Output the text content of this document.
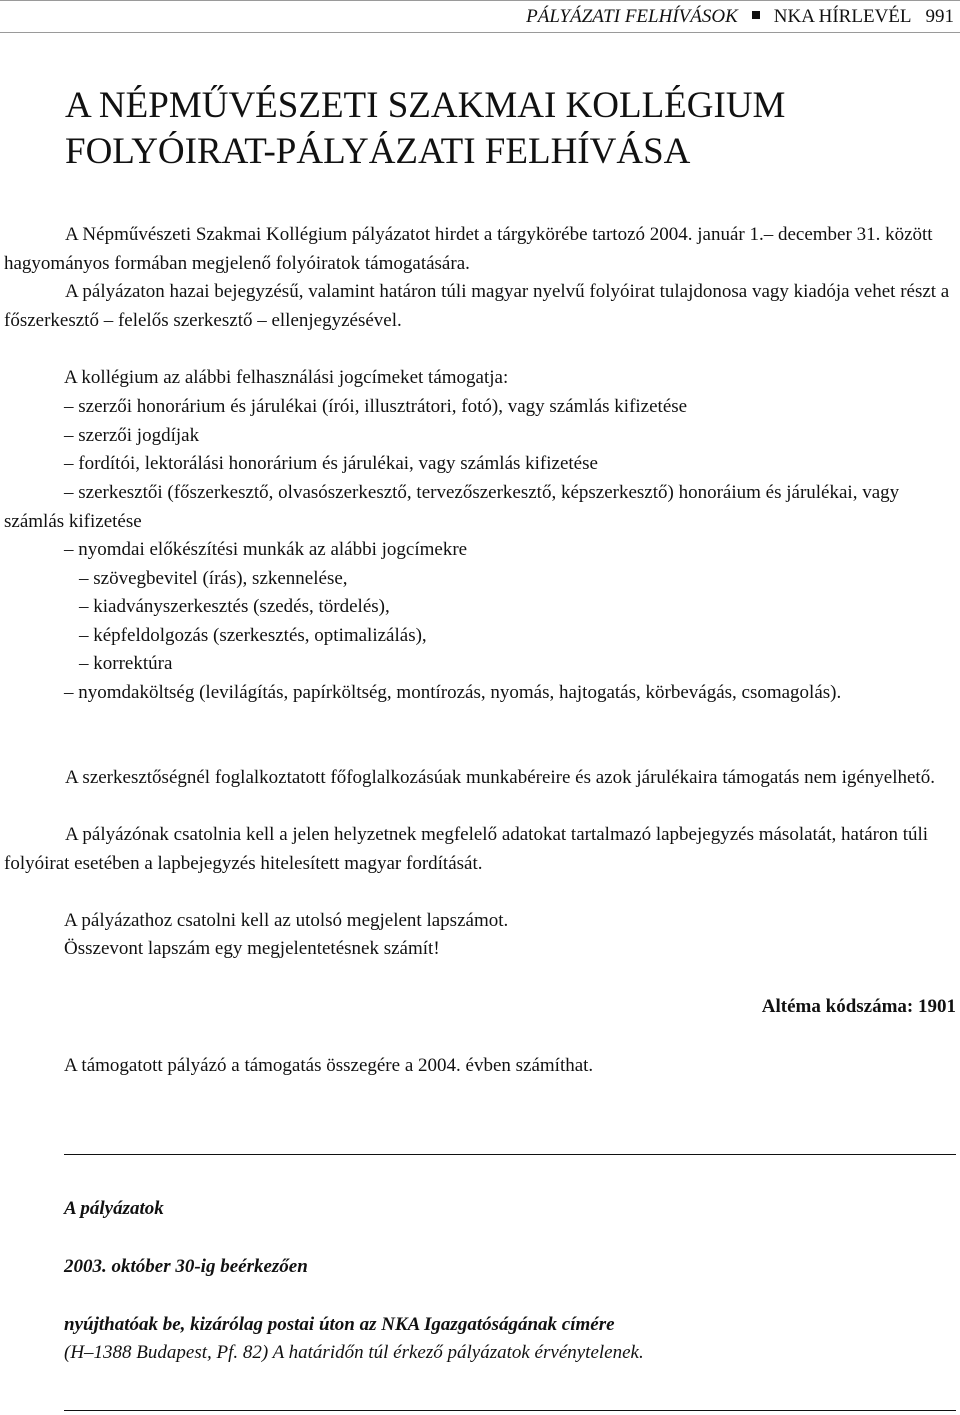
PÁLYÁZATI FELHÍVÁSOK NKA HÍRLEVÉL 991
A NÉPMŰVÉSZETI SZAKMAI KOLLÉGIUM
FOLYÓIRAT-PÁLYÁZATI FELHÍVÁSA

A Népművészeti Szakmai Kollégium pályázatot hirdet a tárgykörébe tartozó 2004. január 1.– december 31. között hagyományos formában megjelenő folyóiratok támogatására.

A pályázaton hazai bejegyzésű, valamint határon túli magyar nyelvű folyóirat tulajdonosa vagy kiadója vehet részt a főszerkesztő – felelős szerkesztő – ellenjegyzésével.

A kollégium az alábbi felhasználási jogcímeket támogatja:

– szerzői honorárium és járulékai (írói, illusztrátori, fotó), vagy számlás kifizetése

– szerzői jogdíjak

– fordítói, lektorálási honorárium és járulékai, vagy számlás kifizetése

– szerkesztői (főszerkesztő, olvasószerkesztő, tervezőszerkesztő, képszerkesztő) honoráium és járulékai, vagy számlás kifizetése

– nyomdai előkészítési munkák az alábbi jogcímekre

– szövegbevitel (írás), szkennelése,

– kiadványszerkesztés (szedés, tördelés),

– képfeldolgozás (szerkesztés, optimalizálás),

– korrektúra

– nyomdaköltség (levilágítás, papírköltség, montírozás, nyomás, hajtogatás, körbevágás, csomagolás).

A szerkesztőségnél foglalkoztatott főfoglalkozásúak munkabéreire és azok járulékaira támogatás nem igényelhető.

A pályázónak csatolnia kell a jelen helyzetnek megfelelő adatokat tartalmazó lapbejegyzés másolatát, határon túli folyóirat esetében a lapbejegyzés hitelesített magyar fordítását.

A pályázathoz csatolni kell az utolsó megjelent lapszámot.

Összevont lapszám egy megjelentetésnek számít!

Altéma kódszáma: 1901

A támogatott pályázó a támogatás összegére a 2004. évben számíthat.

A pályázatok
2003. október 30-ig beérkezően
nyújthatóak be, kizárólag postai úton az NKA Igazgatóságának címére
(H–1388 Budapest, Pf. 82) A határidőn túl érkező pályázatok érvénytelenek.
